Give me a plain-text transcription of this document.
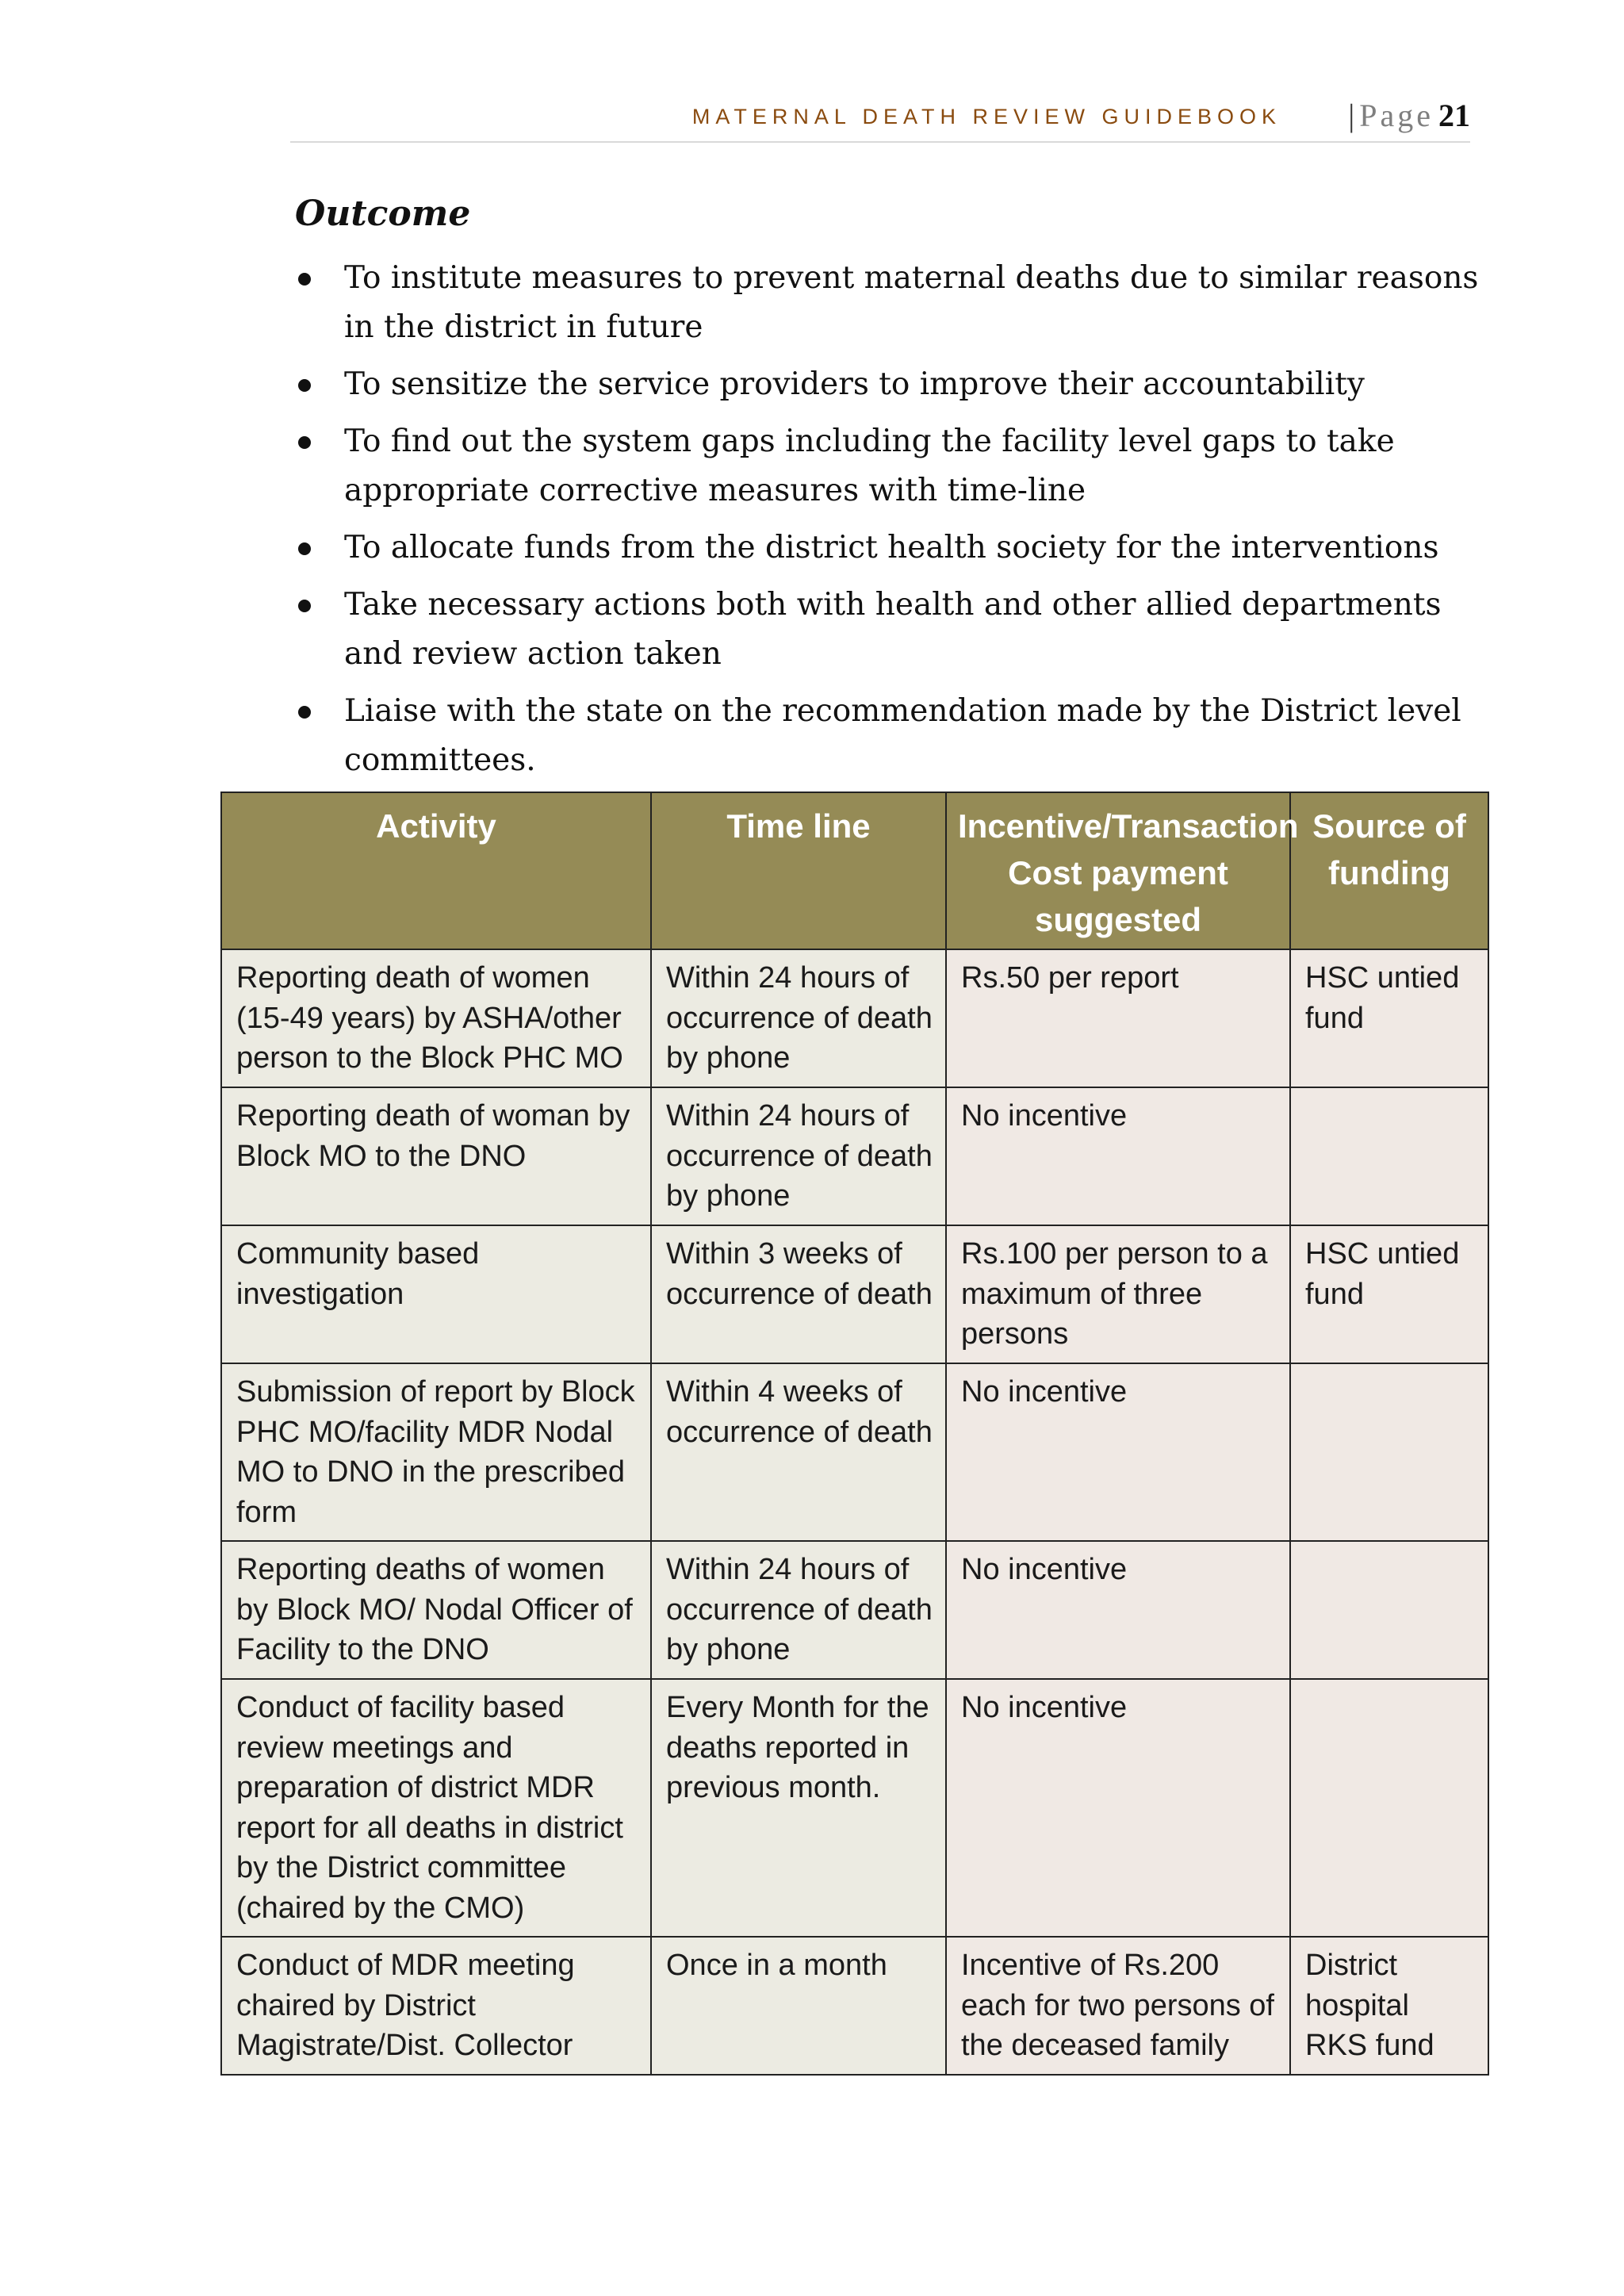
MATERNAL DEATH REVIEW GUIDEBOOK | Page 21
Outcome
To institute measures to prevent maternal deaths due to similar reasons in the district in future
To sensitize the service providers to improve their accountability
To find out the system gaps including the facility level gaps to take appropriate corrective measures with time-line
To allocate funds from the district health society for the interventions
Take necessary actions both with health and other allied departments and review action taken
Liaise with the state on the recommendation made by the District level committees.
Activity	Time line	Incentive/Transaction Cost payment suggested	Source of funding
Reporting death of women (15-49 years) by ASHA/other person to the Block PHC MO	Within 24 hours of occurrence of death by phone	Rs.50 per report	HSC untied fund
Reporting death of woman by Block MO to the DNO	Within 24 hours of occurrence of death by phone	No incentive	
Community based investigation	Within 3 weeks of occurrence of death	Rs.100 per person to a maximum of three persons	HSC untied fund
Submission of report by Block PHC MO/facility MDR Nodal MO to DNO in the prescribed form	Within 4 weeks of occurrence of death	No incentive	
Reporting deaths of women by Block MO/ Nodal Officer of Facility to the DNO	Within 24 hours of occurrence of death by phone	No incentive	
Conduct of facility based review meetings and preparation of district MDR report for all deaths in district by the District committee (chaired by the CMO)	Every Month for the deaths reported in previous month.	No incentive	
Conduct of MDR meeting chaired by District Magistrate/Dist. Collector	Once in a month	Incentive of Rs.200 each for two persons of the deceased family	District hospital RKS fund
